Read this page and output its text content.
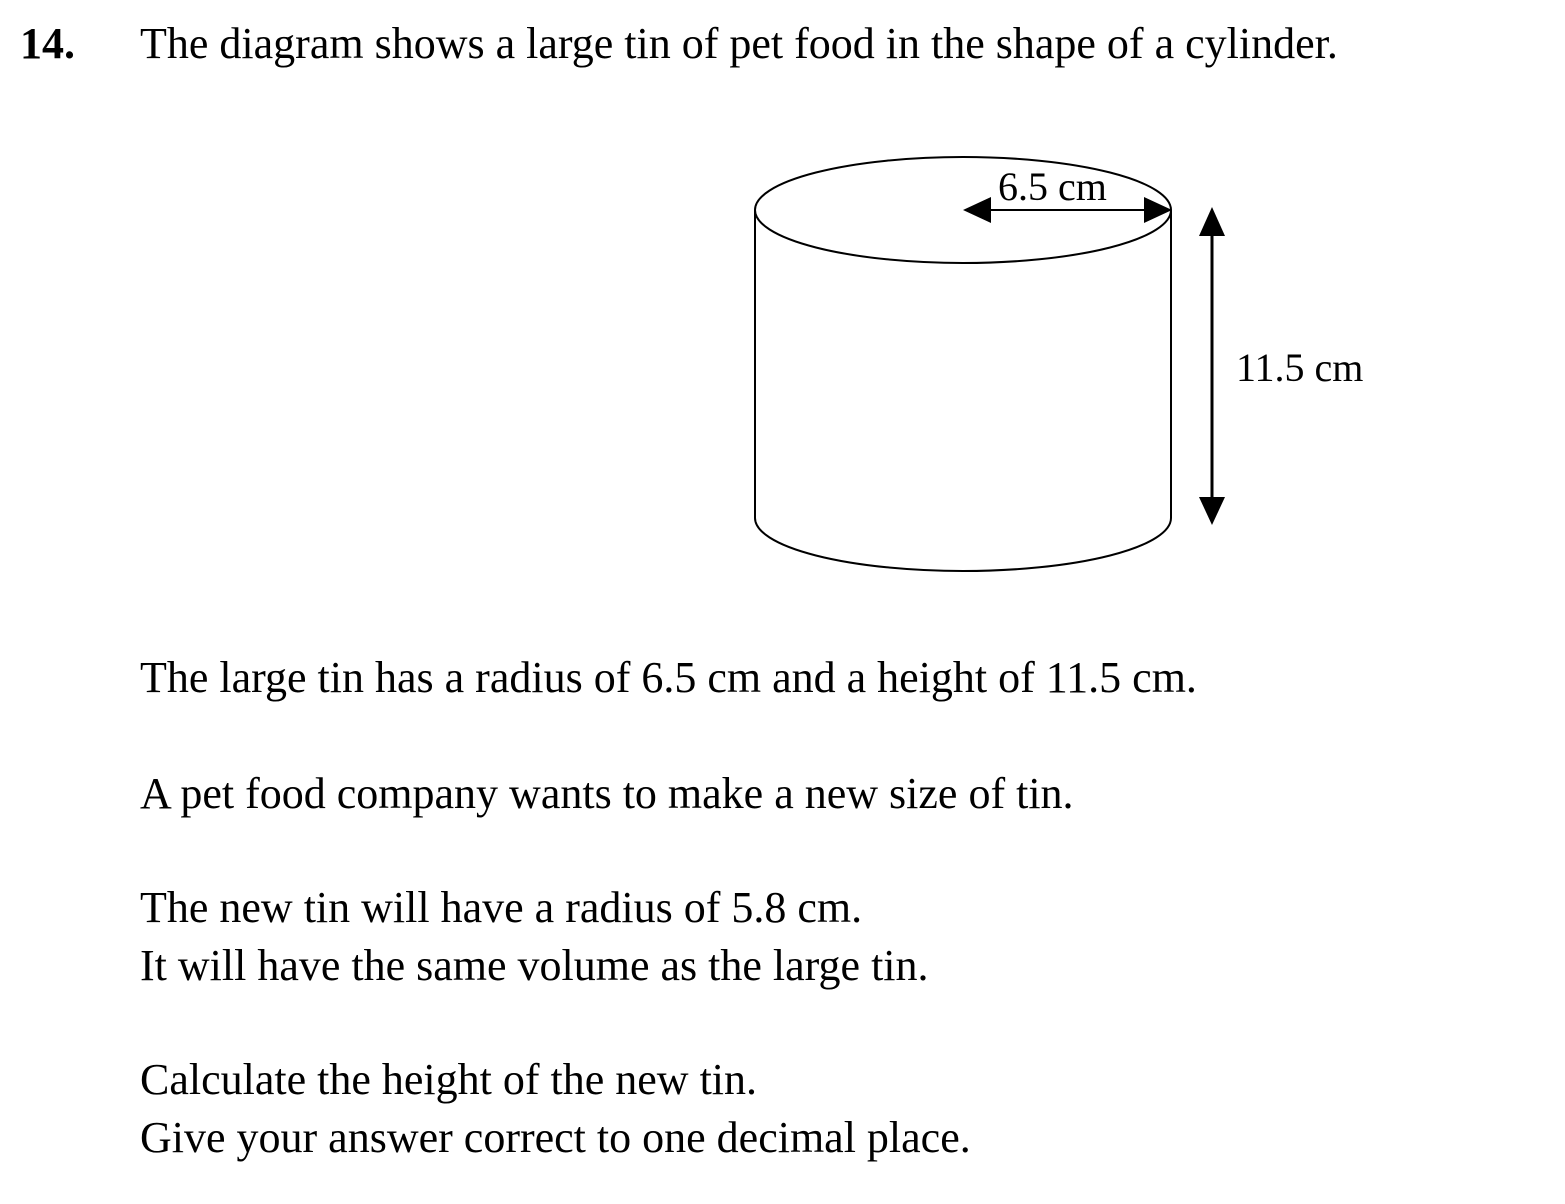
14. The diagram shows a large tin of pet food in the shape of a cylinder.
6.5 cm
11.5 cm
The large tin has a radius of 6.5 cm and a height of 11.5 cm.
A pet food company wants to make a new size of tin.
The new tin will have a radius of 5.8 cm.
It will have the same volume as the large tin.
Calculate the height of the new tin.
Give your answer correct to one decimal place.
